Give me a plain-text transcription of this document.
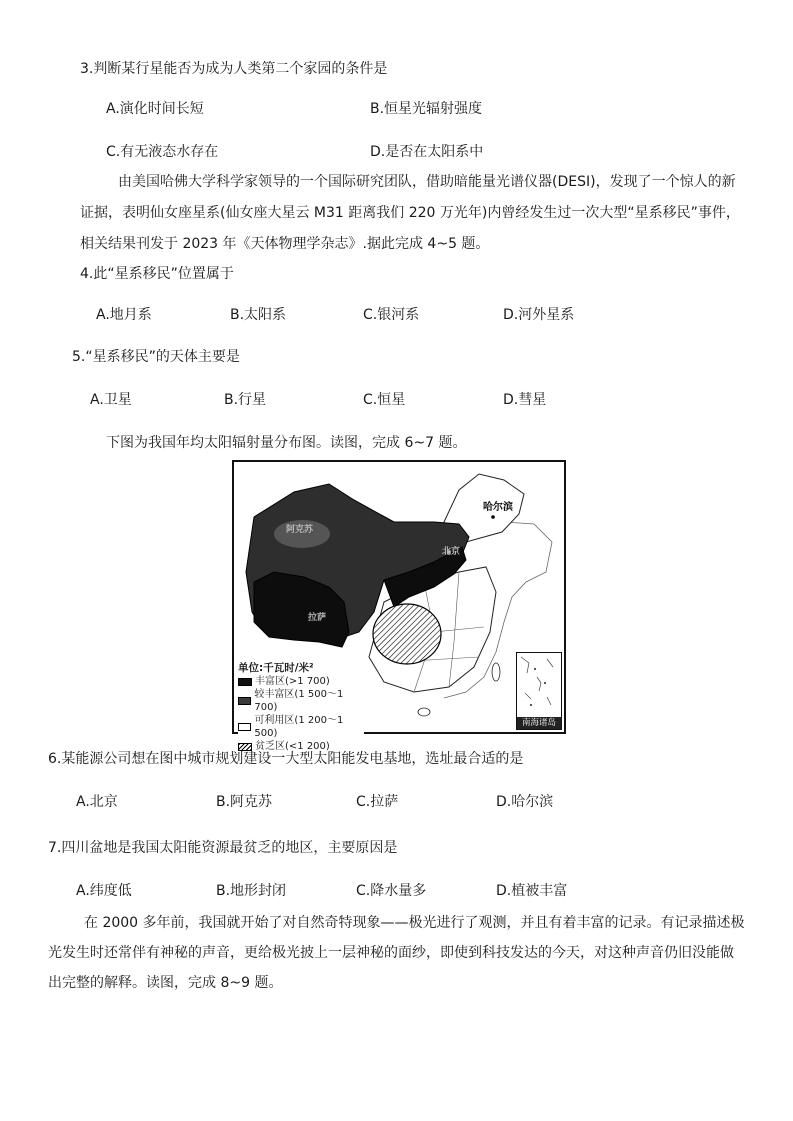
3.判断某行星能否为成为人类第二个家园的条件是
A.演化时间长短	B.恒星光辐射强度
C.有无液态水存在	D.是否在太阳系中
由美国哈佛大学科学家领导的一个国际研究团队，借助暗能量光谱仪器(DESI)，发现了一个惊人的新
证据，表明仙女座星系(仙女座大星云 M31 距离我们 220 万光年)内曾经发生过一次大型“星系移民”事件，
相关结果刊发于 2023 年《天体物理学杂志》.据此完成 4~5 题。
4.此“星系移民”位置属于
A.地月系	B.太阳系	C.银河系	D.河外星系
5.“星系移民”的天体主要是
A.卫星	B.行星	C.恒星	D.彗星
下图为我国年均太阳辐射量分布图。读图，完成 6~7 题。
哈尔滨
阿克苏
北京
拉萨
单位:千瓦时/米²
丰富区(>1 700)
较丰富区(1 500～1 700)
可利用区(1 200～1 500)
贫乏区(<1 200)
南海诸岛
6.某能源公司想在图中城市规划建设一大型太阳能发电基地，选址最合适的是
A.北京	B.阿克苏	C.拉萨	D.哈尔滨
7.四川盆地是我国太阳能资源最贫乏的地区，主要原因是
A.纬度低	B.地形封闭	C.降水量多	D.植被丰富
在 2000 多年前，我国就开始了对自然奇特现象——极光进行了观测，并且有着丰富的记录。有记录描述极
光发生时还常伴有神秘的声音，更给极光披上一层神秘的面纱，即使到科技发达的今天，对这种声音仍旧没能做
出完整的解释。读图，完成 8~9 题。
